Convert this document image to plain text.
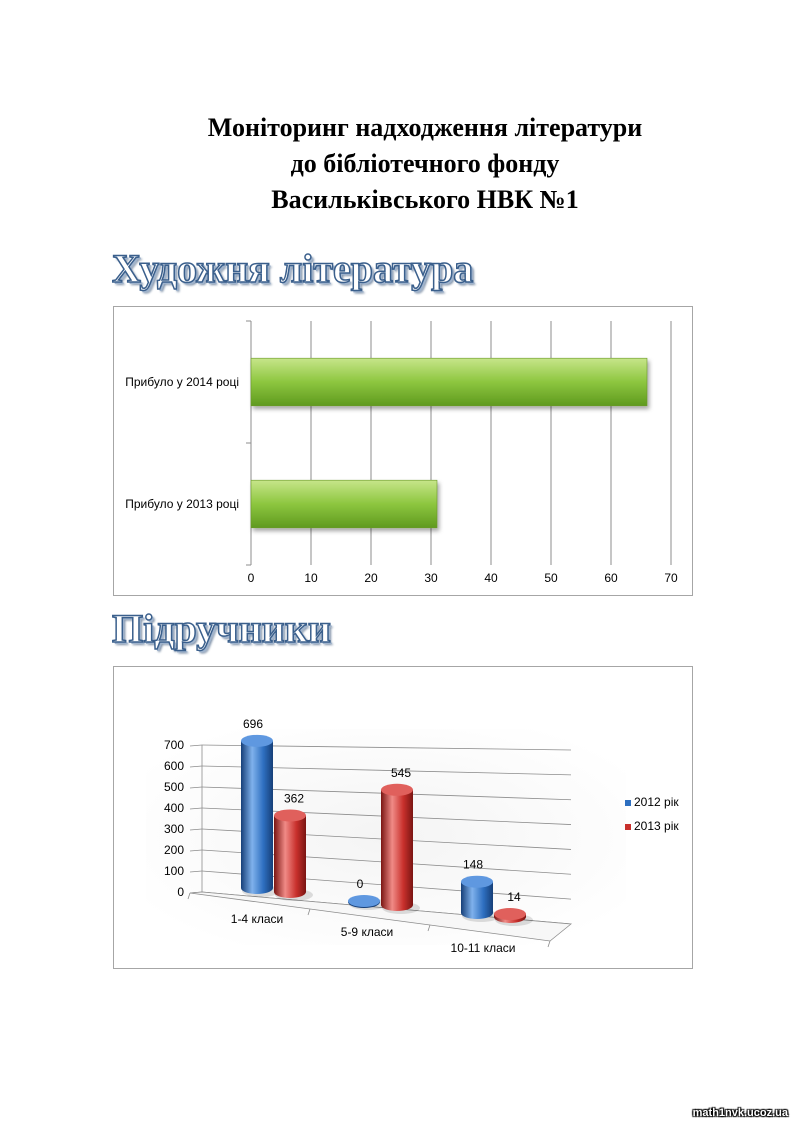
Моніторинг надходження літератури
до бібліотечного фонду
Васильківського НВК №1
Художня література
0	10	20	30	40	50	60	70
Прибуло у 2014 році
Прибуло у 2013 році
Підручники
0
100
200
300
400
500
600
700
696
362
1-4 класи
0
545
5-9 класи
148
14
10-11 класи
2012 рік
2013 рік
math1nvk.ucoz.ua
